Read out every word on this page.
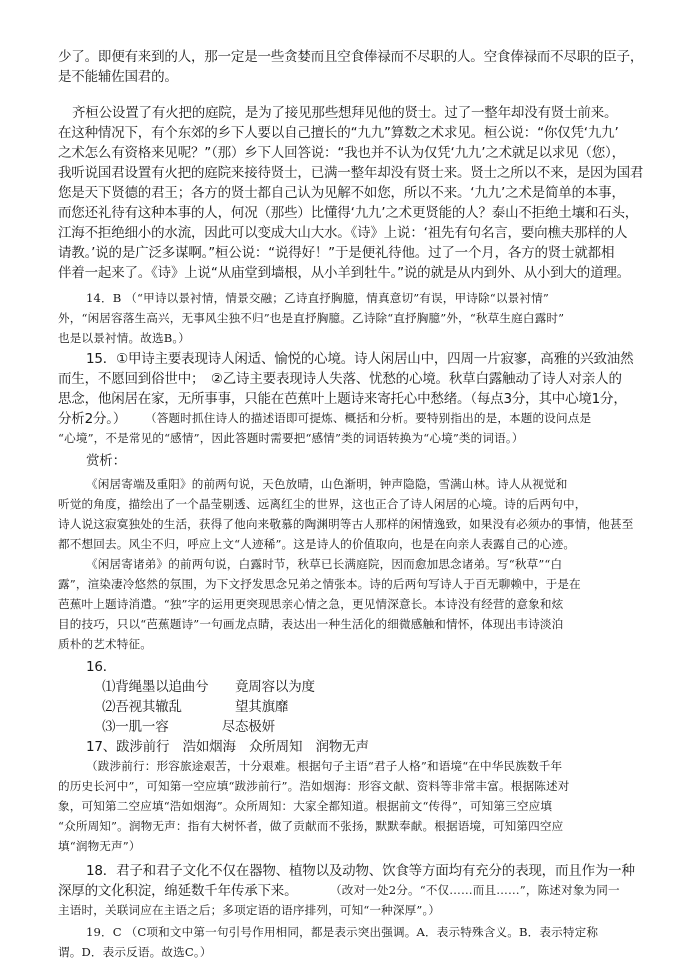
少了。即便有来到的人，那一定是一些贪婪而且空食俸禄而不尽职的人。空食俸禄而不尽职的臣子，
是不能辅佐国君的。
齐桓公设置了有火把的庭院，是为了接见那些想拜见他的贤士。过了一整年却没有贤士前来。
在这种情况下，有个东郊的乡下人要以自己擅长的“九九”算数之术求见。桓公说：“你仅凭‘九九’
之术怎么有资格来见呢？”（那）乡下人回答说：“我也并不认为仅凭‘九九’之术就足以求见（您），
我听说国君设置有火把的庭院来接待贤士，已满一整年却没有贤士来。贤士之所以不来，是因为国君
您是天下贤德的君王；各方的贤士都自己认为见解不如您，所以不来。‘九九’之术是简单的本事，
而您还礼待有这种本事的人，何况（那些）比懂得‘九九’之术更贤能的人？泰山不拒绝土壤和石头，
江海不拒绝细小的水流，因此可以变成大山大水。《诗》上说：‘祖先有句名言，要向樵夫那样的人
请教。’说的是广泛多谋啊。”桓公说：“说得好！”于是便礼待他。过了一个月，各方的贤士就都相
伴着一起来了。《诗》上说“从庙堂到墙根，从小羊到牡牛。”说的就是从内到外、从小到大的道理。
14．B （“甲诗以景衬情，情景交融；乙诗直抒胸臆，情真意切”有误，甲诗除“以景衬情”
外，“闲居容落生高兴，无事风尘独不归”也是直抒胸臆。乙诗除“直抒胸臆”外，“秋草生庭白露时”
也是以景衬情。故选B。）
15．①甲诗主要表现诗人闲适、愉悦的心境。诗人闲居山中，四周一片寂寥，高雅的兴致油然
而生，不愿回到俗世中；　②乙诗主要表现诗人失落、忧愁的心境。秋草白露触动了诗人对亲人的
思念，他闲居在家，无所事事，只能在芭蕉叶上题诗来寄托心中愁绪。（每点3分，其中心境1分，
分析2分。） （答题时抓住诗人的描述语即可提炼、概括和分析。要特别指出的是，本题的设问点是
“心境”，不是常见的“感情”，因此答题时需要把“感情”类的词语转换为“心境”类的词语。）
赏析：
《闲居寄端及重阳》的前两句说，天色放晴，山色渐明，钟声隐隐，雪满山林。诗人从视觉和
听觉的角度，描绘出了一个晶莹剔透、远离红尘的世界，这也正合了诗人闲居的心境。诗的后两句中，
诗人说这寂寞独处的生活，获得了他向来敬慕的陶渊明等古人那样的闲情逸致，如果没有必须办的事情，他甚至
都不想回去。风尘不归，呼应上文“人迹稀”。这是诗人的价值取向，也是在向亲人表露自己的心迹。
《闲居寄诸弟》的前两句说，白露时节，秋草已长满庭院，因而愈加思念诸弟。写“秋草”“白
露”，渲染凄冷悠然的氛围，为下文抒发思念兄弟之情张本。诗的后两句写诗人于百无聊赖中，于是在
芭蕉叶上题诗消遣。“独”字的运用更突现思亲心情之急，更见情深意长。本诗没有经营的意象和炫
目的技巧，只以“芭蕉题诗”一句画龙点睛，表达出一种生活化的细微感触和情怀，体现出韦诗淡泊
质朴的艺术特征。
16．
⑴背绳墨以追曲兮　　竟周容以为度
⑵吾视其辙乱　　　　望其旗靡
⑶一肌一容　　　　尽态极妍
17、跋涉前行　浩如烟海　众所周知　润物无声
（跋涉前行：形容旅途艰苦，十分艰难。根据句子主语“君子人格”和语境“在中华民族数千年
的历史长河中”，可知第一空应填“跋涉前行”。浩如烟海：形容文献、资料等非常丰富。根据陈述对
象，可知第二空应填“浩如烟海”。众所周知：大家全都知道。根据前文“传得”，可知第三空应填
“众所周知”。润物无声：指有大树怀者，做了贡献而不张扬，默默奉献。根据语境，可知第四空应
填“润物无声”）
18．君子和君子文化不仅在器物、植物以及动物、饮食等方面均有充分的表现，而且作为一种
深厚的文化积淀，绵延数千年传承下来。	（改对一处2分。“不仅……而且……”，陈述对象为同一
主语时，关联词应在主语之后；多项定语的语序排列，可知“一种深厚”。）
19．C （C项和文中第一句引号作用相同，都是表示突出强调。A．表示特殊含义。B．表示特定称
谓。D．表示反语。故选C。）
